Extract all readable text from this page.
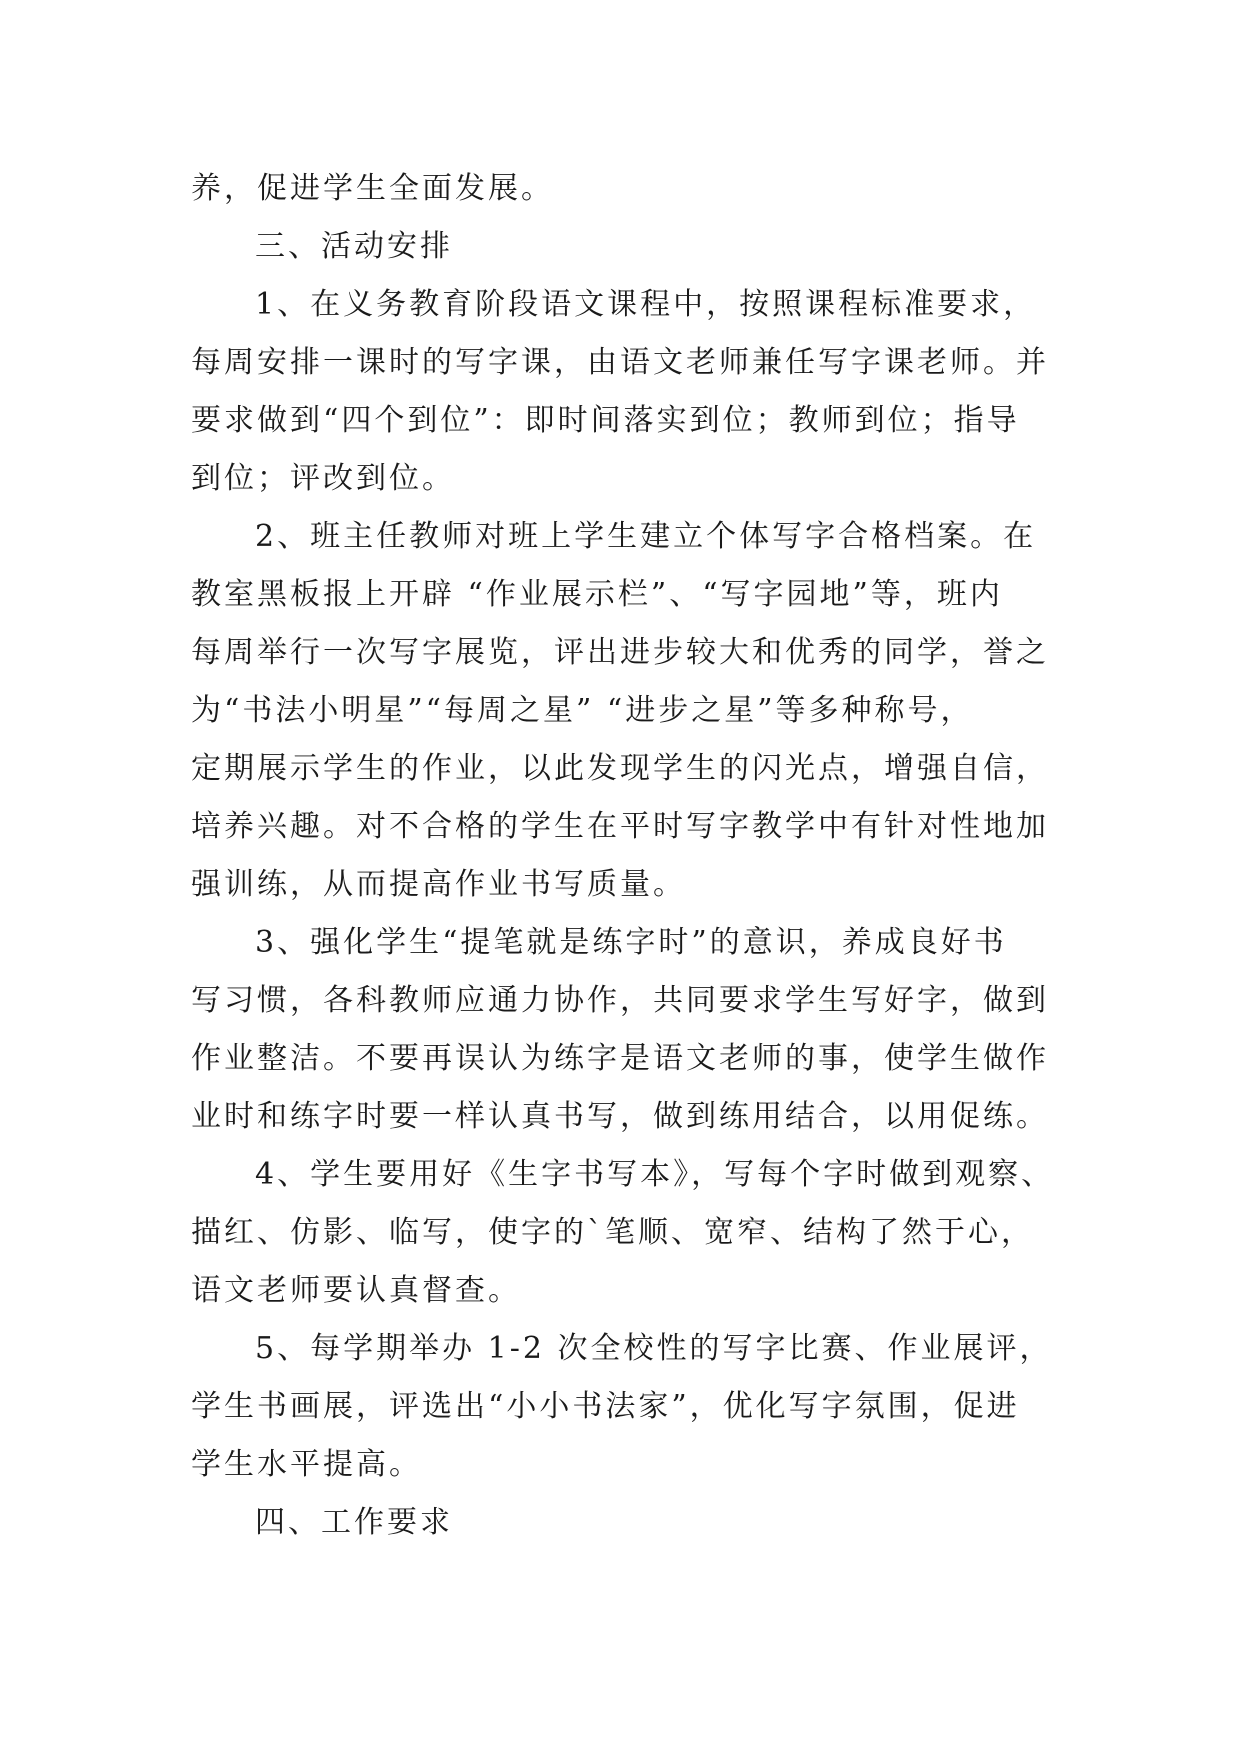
养，促进学生全面发展。
三、活动安排
1、在义务教育阶段语文课程中，按照课程标准要求，
每周安排一课时的写字课，由语文老师兼任写字课老师。并
要求做到“四个到位”：即时间落实到位；教师到位；指导
到位；评改到位。
2、班主任教师对班上学生建立个体写字合格档案。在
教室黑板报上开辟 “作业展示栏”、“写字园地”等，班内
每周举行一次写字展览，评出进步较大和优秀的同学，誉之
为“书法小明星”“每周之星” “进步之星”等多种称号，
定期展示学生的作业，以此发现学生的闪光点，增强自信，
培养兴趣。对不合格的学生在平时写字教学中有针对性地加
强训练，从而提高作业书写质量。
3、强化学生“提笔就是练字时”的意识，养成良好书
写习惯，各科教师应通力协作，共同要求学生写好字，做到
作业整洁。不要再误认为练字是语文老师的事，使学生做作
业时和练字时要一样认真书写，做到练用结合，以用促练。
4、学生要用好《生字书写本》，写每个字时做到观察、
描红、仿影、临写，使字的`笔顺、宽窄、结构了然于心，
语文老师要认真督查。
5、每学期举办 1-2 次全校性的写字比赛、作业展评，
学生书画展，评选出“小小书法家”，优化写字氛围，促进
学生水平提高。
四、工作要求
